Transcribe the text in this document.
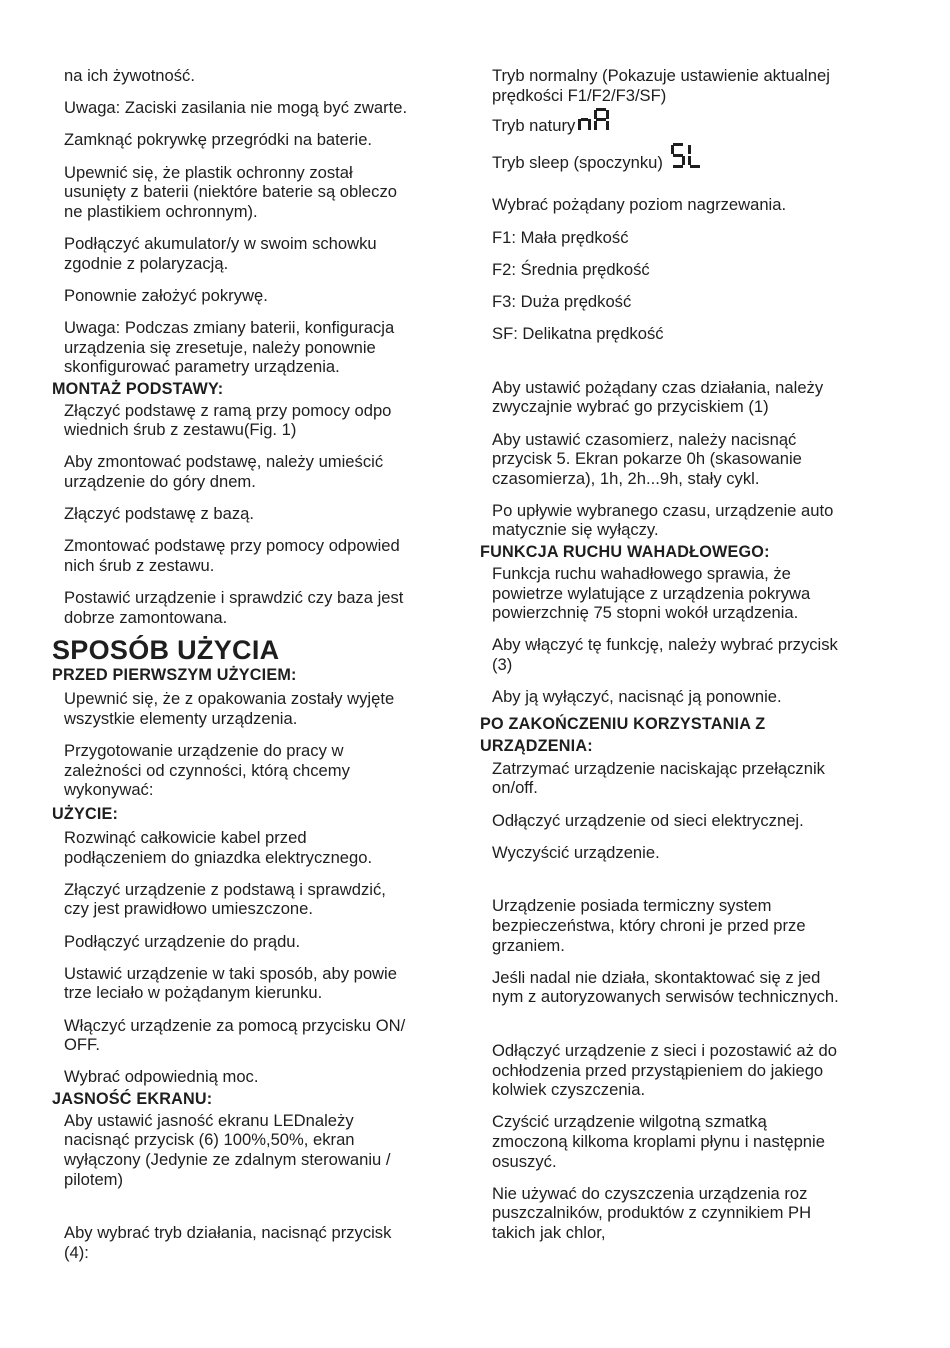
na ich żywotność.

Uwaga: Zaciski zasilania nie mogą być zwarte.

Zamknąć pokrywkę przegródki na baterie.

Upewnić się, że plastik ochronny został
usunięty z baterii (niektóre baterie są obleczo
ne plastikiem ochronnym).

Podłączyć akumulator/y w swoim schowku
zgodnie z polaryzacją.

Ponownie założyć pokrywę.

Uwaga: Podczas zmiany baterii, konfiguracja
urządzenia się zresetuje, należy ponownie
skonfigurować parametry urządzenia.

MONTAŻ PODSTAWY:

Złączyć podstawę z ramą przy pomocy odpo
wiednich śrub z zestawu(Fig. 1)

Aby zmontować podstawę, należy umieścić
urządzenie do góry dnem.

Złączyć podstawę z bazą.

Zmontować podstawę przy pomocy odpowied
nich śrub z zestawu.

Postawić urządzenie i sprawdzić czy baza jest
dobrze zamontowana.

SPOSÓB UŻYCIA
PRZED PIERWSZYM UŻYCIEM:

Upewnić się, że z opakowania zostały wyjęte
wszystkie elementy urządzenia.

Przygotowanie urządzenie do pracy w
zależności od czynności, którą chcemy
wykonywać:

UŻYCIE:

Rozwinąć całkowicie kabel przed
podłączeniem do gniazdka elektrycznego.

Złączyć urządzenie z podstawą i sprawdzić,
czy jest prawidłowo umieszczone.

Podłączyć urządzenie do prądu.

Ustawić urządzenie w taki sposób, aby powie
trze leciało w pożądanym kierunku.

Włączyć urządzenie za pomocą przycisku ON/
OFF.

Wybrać odpowiednią moc.

JASNOŚĆ EKRANU:

Aby ustawić jasność ekranu LEDnależy
nacisnąć przycisk (6) 100%,50%, ekran
wyłączony (Jedynie ze zdalnym sterowaniu /
pilotem)

Aby wybrać tryb działania, nacisnąć przycisk
(4):

Tryb normalny (Pokazuje ustawienie aktualnej
prędkości F1/F2/F3/SF)

Tryb natury

Tryb sleep (spoczynku)

Wybrać pożądany poziom nagrzewania.

F1: Mała prędkość

F2: Średnia prędkość

F3: Duża prędkość

SF: Delikatna prędkość

Aby ustawić pożądany czas działania, należy
zwyczajnie wybrać go przyciskiem (1)

Aby ustawić czasomierz, należy nacisnąć
przycisk 5. Ekran pokarze 0h (skasowanie
czasomierza), 1h, 2h...9h, stały cykl.

Po upływie wybranego czasu, urządzenie auto
matycznie się wyłączy.

FUNKCJA RUCHU WAHADŁOWEGO:

Funkcja ruchu wahadłowego sprawia, że
powietrze wylatujące z urządzenia pokrywa
powierzchnię 75 stopni wokół urządzenia.

Aby włączyć tę funkcję, należy wybrać przycisk
(3)

Aby ją wyłączyć, nacisnąć ją ponownie.

PO ZAKOŃCZENIU KORZYSTANIA Z
URZĄDZENIA:

Zatrzymać urządzenie naciskając przełącznik
on/off.

Odłączyć urządzenie od sieci elektrycznej.

Wyczyścić urządzenie.

Urządzenie posiada termiczny system
bezpieczeństwa, który chroni je przed prze
grzaniem.

Jeśli nadal nie działa, skontaktować się z jed
nym z autoryzowanych serwisów technicznych.

Odłączyć urządzenie z sieci i pozostawić aż do
ochłodzenia przed przystąpieniem do jakiego
kolwiek czyszczenia.

Czyścić urządzenie wilgotną szmatką
zmoczoną kilkoma kroplami płynu i następnie
osuszyć.

Nie używać do czyszczenia urządzenia roz
puszczalników, produktów z czynnikiem PH
takich jak chlor,
